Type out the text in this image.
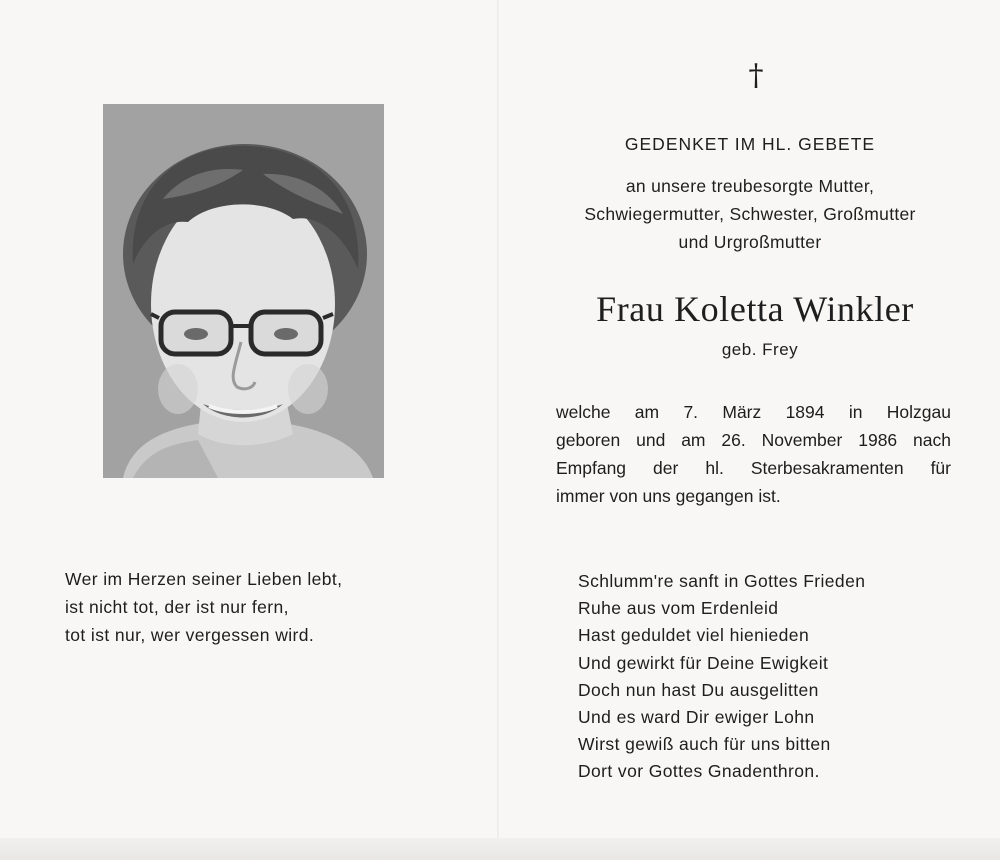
Wer im Herzen seiner Lieben lebt,
ist nicht tot, der ist nur fern,
tot ist nur, wer vergessen wird.
†
GEDENKET IM HL. GEBETE
an unsere treubesorgte Mutter,
Schwiegermutter, Schwester, Großmutter
und Urgroßmutter
Frau Koletta Winkler
geb. Frey
welche am 7. März 1894 in Holzgau
geboren und am 26. November 1986 nach
Empfang der hl. Sterbesakramenten für
immer von uns gegangen ist.
Schlumm're sanft in Gottes Frieden
Ruhe aus vom Erdenleid
Hast geduldet viel hienieden
Und gewirkt für Deine Ewigkeit
Doch nun hast Du ausgelitten
Und es ward Dir ewiger Lohn
Wirst gewiß auch für uns bitten
Dort vor Gottes Gnadenthron.
